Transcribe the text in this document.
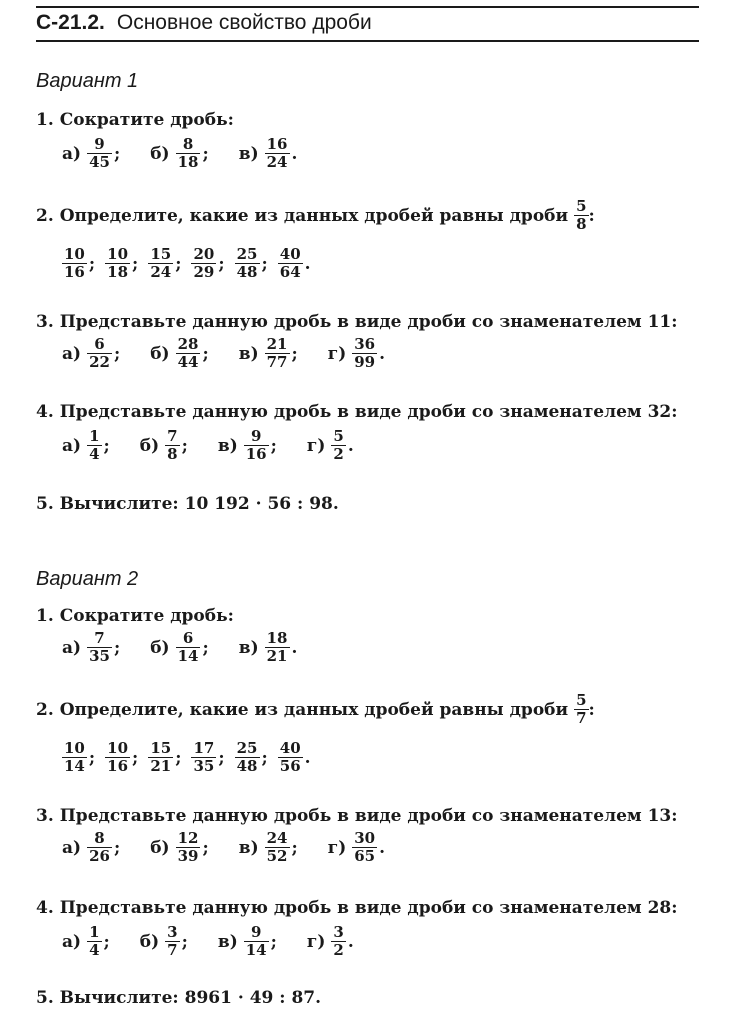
С-21.2. Основное свойство дроби
Вариант 1
1. Сократите дробь:
$а) \frac{9}{45}$ ; $б) \frac{8}{18}$ ; $в) \frac{16}{24}$ .
2. Определите, какие из данных дробей равны дроби $\frac{5}{8}$ :
$\frac{10}{16}$ ; $\frac{10}{18}$ ; $\frac{15}{24}$ ; $\frac{20}{29}$ ; $\frac{25}{48}$ ; $\frac{40}{64}$ .
3. Представьте данную дробь в виде дроби со знаменателем 11:
$а) \frac{6}{22}$ ; $б) \frac{28}{44}$ ; $в) \frac{21}{77}$ ; $г) \frac{36}{99}$ .
4. Представьте данную дробь в виде дроби со знаменателем 32:
$а) \frac{1}{4}$ ; $б) \frac{7}{8}$ ; $в) \frac{9}{16}$ ; $г) \frac{5}{2}$ .
5. Вычислите: 10 192 · 56 : 98.
Вариант 2
1. Сократите дробь:
$а) \frac{7}{35}$ ; $б) \frac{6}{14}$ ; $в) \frac{18}{21}$ .
2. Определите, какие из данных дробей равны дроби $\frac{5}{7}$ :
$\frac{10}{14}$ ; $\frac{10}{16}$ ; $\frac{15}{21}$ ; $\frac{17}{35}$ ; $\frac{25}{48}$ ; $\frac{40}{56}$ .
3. Представьте данную дробь в виде дроби со знаменателем 13:
$а) \frac{8}{26}$ ; $б) \frac{12}{39}$ ; $в) \frac{24}{52}$ ; $г) \frac{30}{65}$ .
4. Представьте данную дробь в виде дроби со знаменателем 28:
$а) \frac{1}{4}$ ; $б) \frac{3}{7}$ ; $в) \frac{9}{14}$ ; $г) \frac{3}{2}$ .
5. Вычислите: 8961 · 49 : 87.
